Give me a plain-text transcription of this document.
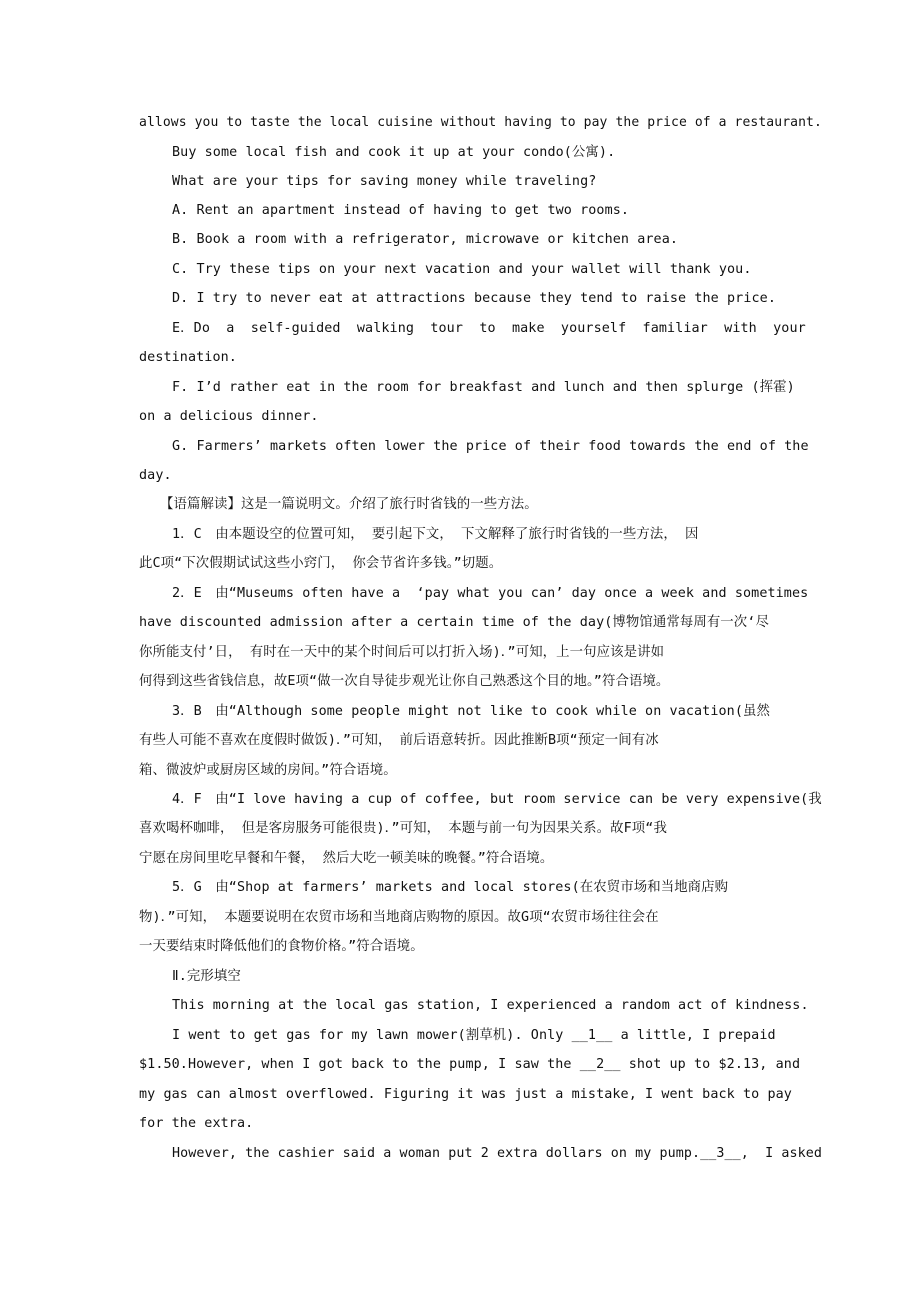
allows you to taste the local cuisine without having to pay the price of a restaurant.
Buy some local fish and cook it up at your condo(公寓).
What are your tips for saving money while traveling?
A. Rent an apartment instead of having to get two rooms.
B. Book a room with a refrigerator, microwave or kitchen area.
C. Try these tips on your next vacation and your wallet will thank you.
D. I try to never eat at attractions because they tend to raise the price.
E．Do  a  self-guided  walking  tour  to  make  yourself  familiar  with  your
destination.
F. I’d rather eat in the room for breakfast and lunch and then splurge (挥霍)
on a delicious dinner.
G. Farmers’ markets often lower the price of their food towards the end of the
day.
【语篇解读】这是一篇说明文。介绍了旅行时省钱的一些方法。
1．C　由本题设空的位置可知， 要引起下文， 下文解释了旅行时省钱的一些方法， 因
此C项“下次假期试试这些小窍门， 你会节省许多钱。”切题。
2．E　由“Museums often have a  ‘pay what you can’ day once a week and sometimes
have discounted admission after a certain time of the day(博物馆通常每周有一次‘尽
你所能支付’日， 有时在一天中的某个时间后可以打折入场)．”可知，上一句应该是讲如
何得到这些省钱信息，故E项“做一次自导徒步观光让你自己熟悉这个目的地。”符合语境。
3．B　由“Although some people might not like to cook while on vacation(虽然
有些人可能不喜欢在度假时做饭)．”可知， 前后语意转折。因此推断B项“预定一间有冰
箱、微波炉或厨房区域的房间。”符合语境。
4．F　由“I love having a cup of coffee, but room service can be very expensive(我
喜欢喝杯咖啡， 但是客房服务可能很贵)．”可知， 本题与前一句为因果关系。故F项“我
宁愿在房间里吃早餐和午餐， 然后大吃一顿美味的晚餐。”符合语境。
5．G　由“Shop at farmers’ markets and local stores(在农贸市场和当地商店购
物)．”可知， 本题要说明在农贸市场和当地商店购物的原因。故G项“农贸市场往往会在
一天要结束时降低他们的食物价格。”符合语境。
Ⅱ.完形填空
This morning at the local gas station, I experienced a random act of kindness.
I went to get gas for my lawn mower(割草机). Only __1__ a little, I prepaid
$1.50.However, when I got back to the pump, I saw the __2__ shot up to $2.13, and
my gas can almost overflowed. Figuring it was just a mistake, I went back to pay
for the extra.
However, the cashier said a woman put 2 extra dollars on my pump.__3__,  I asked
